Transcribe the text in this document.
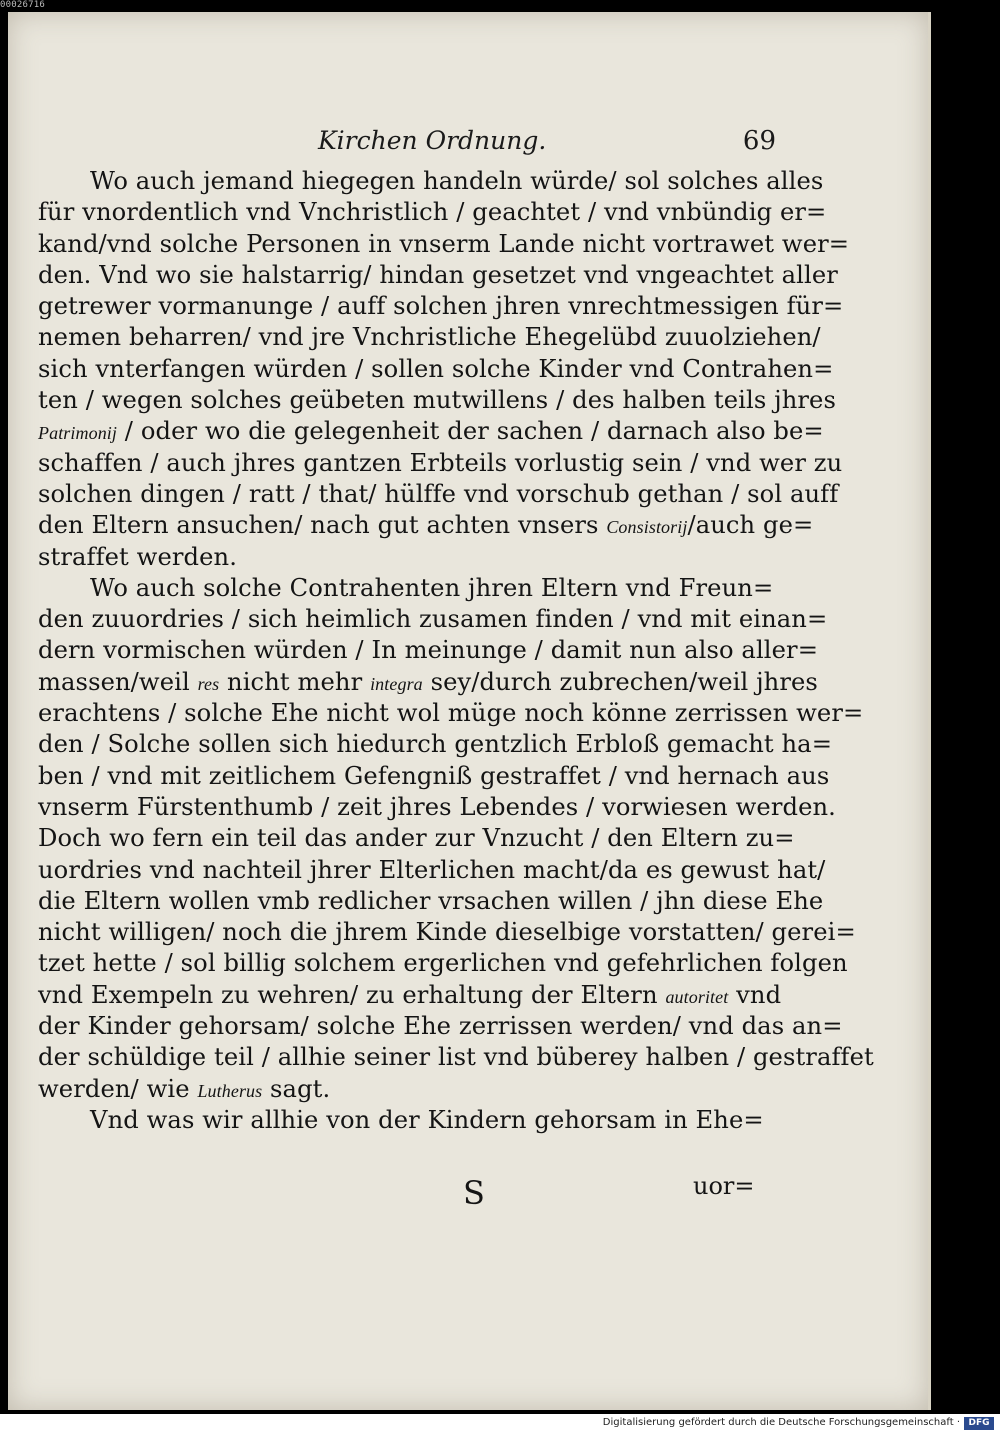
00026716
Kirchen Ordnung.	69
Wo auch jemand hiegegen handeln würde/ sol solches alles
für vnordentlich vnd Vnchristlich / geachtet / vnd vnbündig er=
kand/vnd solche Personen in vnserm Lande nicht vortrawet wer=
den. Vnd wo sie halstarrig/ hindan gesetzet vnd vngeachtet aller
getrewer vormanunge / auff solchen jhren vnrechtmessigen für=
nemen beharren/ vnd jre Vnchristliche Ehegelübd zuuolziehen/
sich vnterfangen würden / sollen solche Kinder vnd Contrahen=
ten / wegen solches geübeten mutwillens / des halben teils jhres
Patrimonij / oder wo die gelegenheit der sachen / darnach also be=
schaffen / auch jhres gantzen Erbteils vorlustig sein / vnd wer zu
solchen dingen / ratt / that/ hülffe vnd vorschub gethan / sol auff
den Eltern ansuchen/ nach gut achten vnsers Consistorij/auch ge=
straffet werden.
Wo auch solche Contrahenten jhren Eltern vnd Freun=
den zuuordries / sich heimlich zusamen finden / vnd mit einan=
dern vormischen würden / In meinunge / damit nun also aller=
massen/weil res nicht mehr integra sey/durch zubrechen/weil jhres
erachtens / solche Ehe nicht wol müge noch könne zerrissen wer=
den / Solche sollen sich hiedurch gentzlich Erbloß gemacht ha=
ben / vnd mit zeitlichem Gefengniß gestraffet / vnd hernach aus
vnserm Fürstenthumb / zeit jhres Lebendes / vorwiesen werden.
Doch wo fern ein teil das ander zur Vnzucht / den Eltern zu=
uordries vnd nachteil jhrer Elterlichen macht/da es gewust hat/
die Eltern wollen vmb redlicher vrsachen willen / jhn diese Ehe
nicht willigen/ noch die jhrem Kinde dieselbige vorstatten/ gerei=
tzet hette / sol billig solchem ergerlichen vnd gefehrlichen folgen
vnd Exempeln zu wehren/ zu erhaltung der Eltern autoritet vnd
der Kinder gehorsam/ solche Ehe zerrissen werden/ vnd das an=
der schüldige teil / allhie seiner list vnd büberey halben / gestraffet
werden/ wie Lutherus sagt.
Vnd was wir allhie von der Kindern gehorsam in Ehe=
S	uor=
Digitalisierung gefördert durch die Deutsche Forschungsgemeinschaft · DFG
